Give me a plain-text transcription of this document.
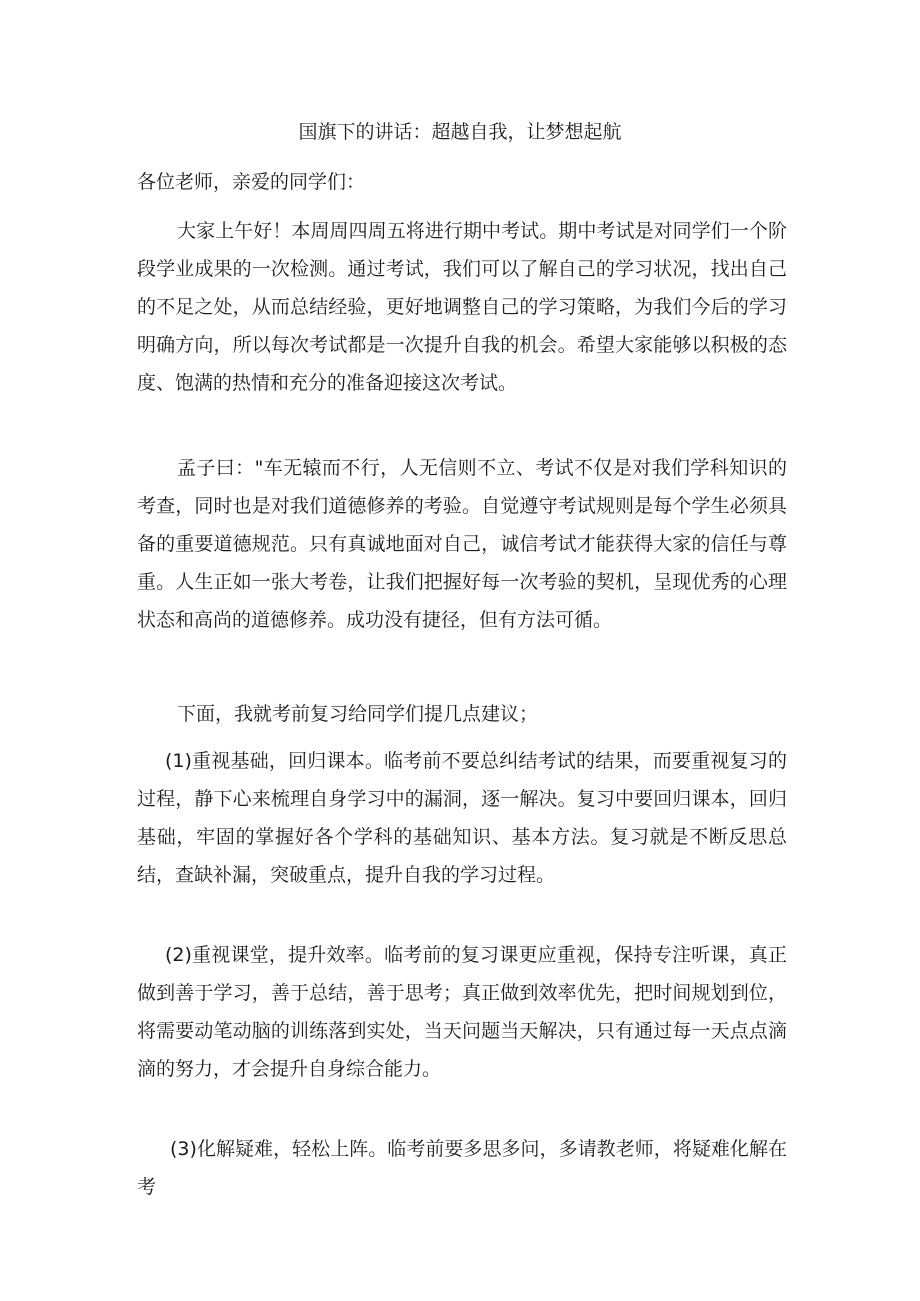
国旗下的讲话：超越自我，让梦想起航
各位老师，亲爱的同学们：

大家上午好！本周周四周五将进行期中考试。期中考试是对同学们一个阶段学业成果的一次检测。通过考试，我们可以了解自己的学习状况，找出自己的不足之处，从而总结经验，更好地调整自己的学习策略，为我们今后的学习明确方向，所以每次考试都是一次提升自我的机会。希望大家能够以积极的态度、饱满的热情和充分的准备迎接这次考试。

孟子曰："车无辕而不行，人无信则不立、考试不仅是对我们学科知识的考查，同时也是对我们道德修养的考验。自觉遵守考试规则是每个学生必须具备的重要道德规范。只有真诚地面对自己，诚信考试才能获得大家的信任与尊重。人生正如一张大考卷，让我们把握好每一次考验的契机，呈现优秀的心理状态和高尚的道德修养。成功没有捷径，但有方法可循。

下面，我就考前复习给同学们提几点建议；

(1)重视基础，回归课本。临考前不要总纠结考试的结果，而要重视复习的过程，静下心来梳理自身学习中的漏洞，逐一解决。复习中要回归课本，回归基础，牢固的掌握好各个学科的基础知识、基本方法。复习就是不断反思总结，查缺补漏，突破重点，提升自我的学习过程。

(2)重视课堂，提升效率。临考前的复习课更应重视，保持专注听课，真正做到善于学习，善于总结，善于思考；真正做到效率优先，把时间规划到位，将需要动笔动脑的训练落到实处，当天问题当天解决，只有通过每一天点点滴滴的努力，才会提升自身综合能力。

(3)化解疑难，轻松上阵。临考前要多思多问，多请教老师，将疑难化解在考
